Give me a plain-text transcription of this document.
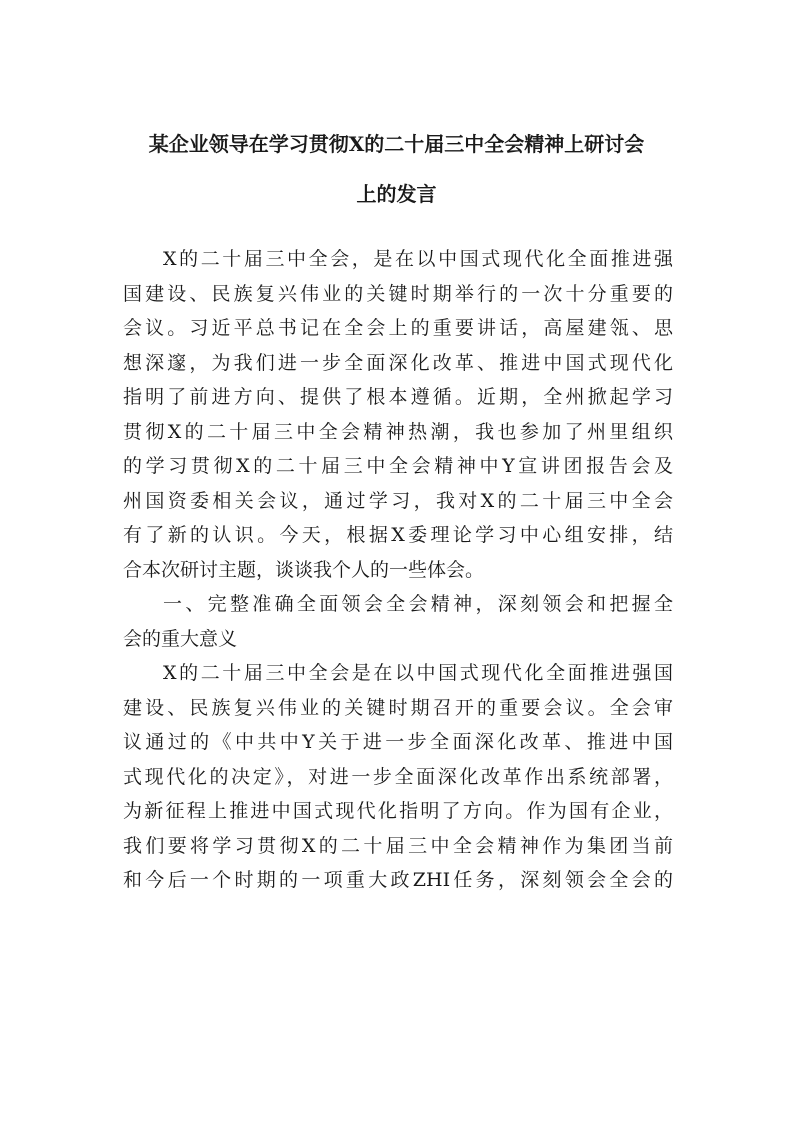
某企业领导在学习贯彻X的二十届三中全会精神上研讨会
上的发言
X的二十届三中全会，是在以中国式现代化全面推进强
国建设、民族复兴伟业的关键时期举行的一次十分重要的
会议。习近平总书记在全会上的重要讲话，高屋建瓴、思
想深邃，为我们进一步全面深化改革、推进中国式现代化
指明了前进方向、提供了根本遵循。近期，全州掀起学习
贯彻X的二十届三中全会精神热潮，我也参加了州里组织
的学习贯彻X的二十届三中全会精神中Y宣讲团报告会及
州国资委相关会议，通过学习，我对X的二十届三中全会
有了新的认识。今天，根据X委理论学习中心组安排，结
合本次研讨主题，谈谈我个人的一些体会。
一、完整准确全面领会全会精神，深刻领会和把握全
会的重大意义
X的二十届三中全会是在以中国式现代化全面推进强国
建设、民族复兴伟业的关键时期召开的重要会议。全会审
议通过的《中共中Y关于进一步全面深化改革、推进中国
式现代化的决定》，对进一步全面深化改革作出系统部署，
为新征程上推进中国式现代化指明了方向。作为国有企业，
我们要将学习贯彻X的二十届三中全会精神作为集团当前
和今后一个时期的一项重大政ZHI任务，深刻领会全会的
